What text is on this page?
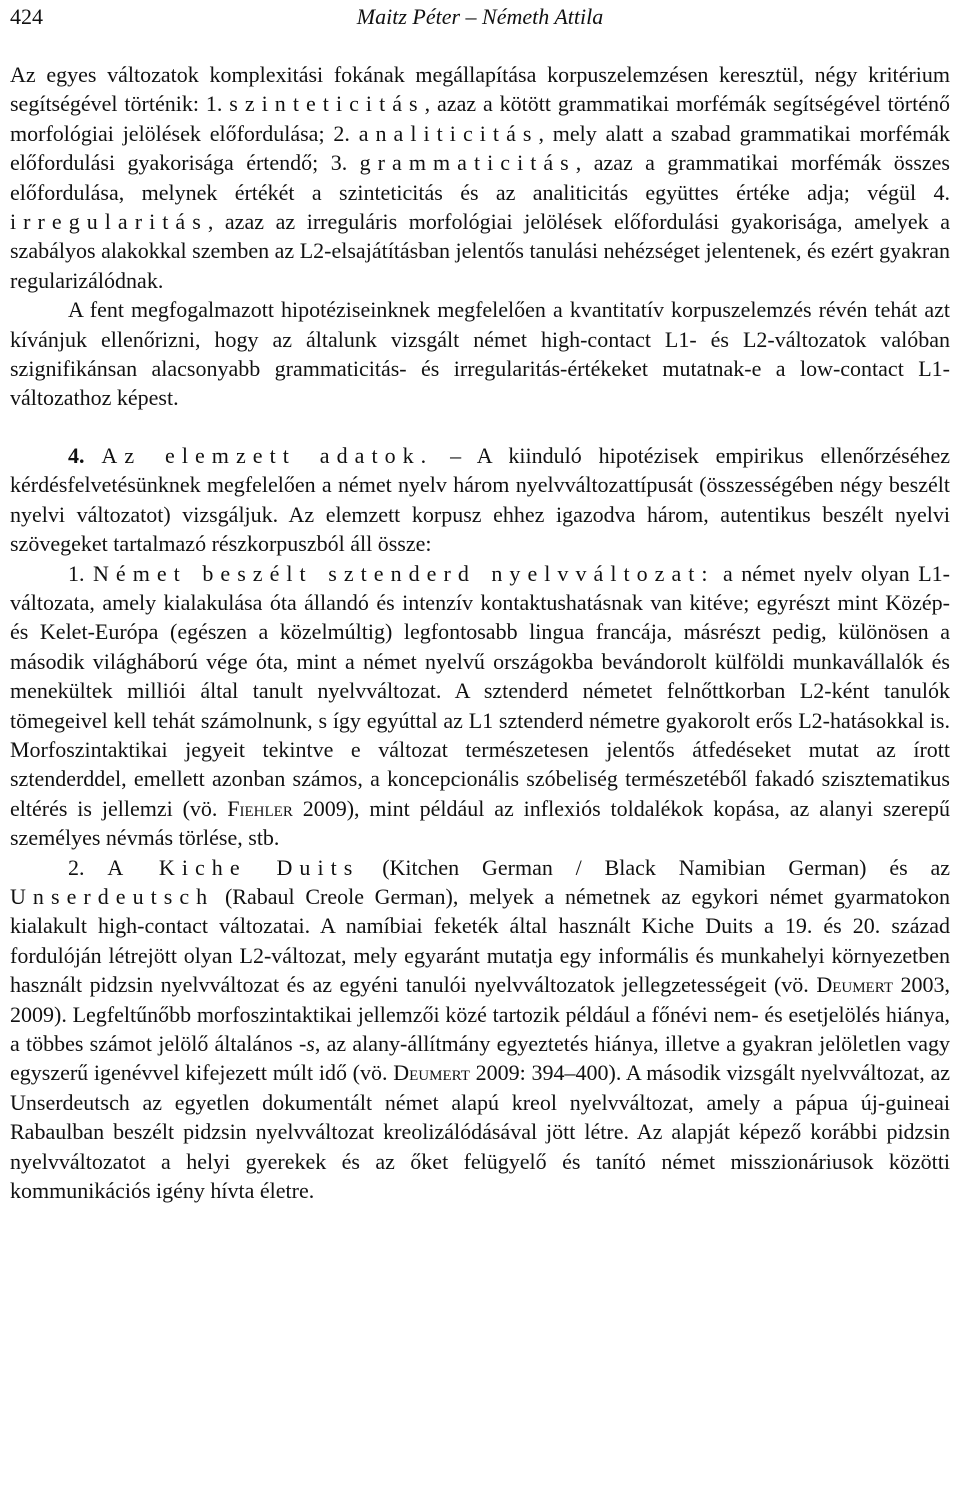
424	Maitz Péter – Németh Attila

Az egyes változatok komplexitási fokának megállapítása korpuszelemzésen keresztül, négy kritérium segítségével történik: 1. szinteticitás, azaz a kötött grammatikai morfémák segítségével történő morfológiai jelölések előfordulása; 2. analiticitás, mely alatt a szabad grammatikai morfémák előfordulási gyakorisága értendő; 3. grammaticitás, azaz a grammatikai morfémák összes előfordulása, melynek értékét a szinteticitás és az analiticitás együttes értéke adja; végül 4. irregularitás, azaz az irreguláris morfológiai jelölések előfordulási gyakorisága, amelyek a szabályos alakokkal szemben az L2-elsajátításban jelentős tanulási nehézséget jelentenek, és ezért gyakran regularizálódnak.

A fent megfogalmazott hipotéziseinknek megfelelően a kvantitatív korpuszelemzés révén tehát azt kívánjuk ellenőrizni, hogy az általunk vizsgált német high-contact L1- és L2-változatok valóban szignifikánsan alacsonyabb grammaticitás- és irregularitás-értékeket mutatnak-e a low-contact L1-változathoz képest.

4. Az elemzett adatok. – A kiinduló hipotézisek empirikus ellenőrzéséhez kérdésfelvetésünknek megfelelően a német nyelv három nyelvváltozattípusát (összességében négy beszélt nyelvi változatot) vizsgáljuk. Az elemzett korpusz ehhez igazodva három, autentikus beszélt nyelvi szövegeket tartalmazó részkorpuszból áll össze:

1. Német beszélt sztenderd nyelvváltozat: a német nyelv olyan L1-változata, amely kialakulása óta állandó és intenzív kontaktushatásnak van kitéve; egyrészt mint Közép- és Kelet-Európa (egészen a közelmúltig) legfontosabb lingua francája, másrészt pedig, különösen a második világháború vége óta, mint a német nyelvű országokba bevándorolt külföldi munkavállalók és menekültek milliói által tanult nyelvváltozat. A sztenderd németet felnőttkorban L2-ként tanulók tömegeivel kell tehát számolnunk, s így egyúttal az L1 sztenderd németre gyakorolt erős L2-hatásokkal is. Morfoszintaktikai jegyeit tekintve e változat természetesen jelentős átfedéseket mutat az írott sztenderddel, emellett azonban számos, a koncepcionális szóbeliség természetéből fakadó szisztematikus eltérés is jellemzi (vö. Fiehler 2009), mint például az inflexiós toldalékok kopása, az alanyi szerepű személyes névmás törlése, stb.

2. A Kiche Duits (Kitchen German / Black Namibian German) és az Unserdeutsch (Rabaul Creole German), melyek a németnek az egykori német gyarmatokon kialakult high-contact változatai. A namíbiai feketék által használt Kiche Duits a 19. és 20. század fordulóján létrejött olyan L2-változat, mely egyaránt mutatja egy informális és munkahelyi környezetben használt pidzsin nyelvváltozat és az egyéni tanulói nyelvváltozatok jellegzetességeit (vö. Deumert 2003, 2009). Legfeltűnőbb morfoszintaktikai jellemzői közé tartozik például a főnévi nem- és esetjelölés hiánya, a többes számot jelölő általános -s, az alany-állítmány egyeztetés hiánya, illetve a gyakran jelöletlen vagy egyszerű igenévvel kifejezett múlt idő (vö. Deumert 2009: 394–400). A második vizsgált nyelvváltozat, az Unserdeutsch az egyetlen dokumentált német alapú kreol nyelvváltozat, amely a pápua új-guineai Rabaulban beszélt pidzsin nyelvváltozat kreolizálódásával jött létre. Az alapját képező korábbi pidzsin nyelvváltozatot a helyi gyerekek és az őket felügyelő és tanító német misszionáriusok közötti kommunikációs igény hívta életre.
